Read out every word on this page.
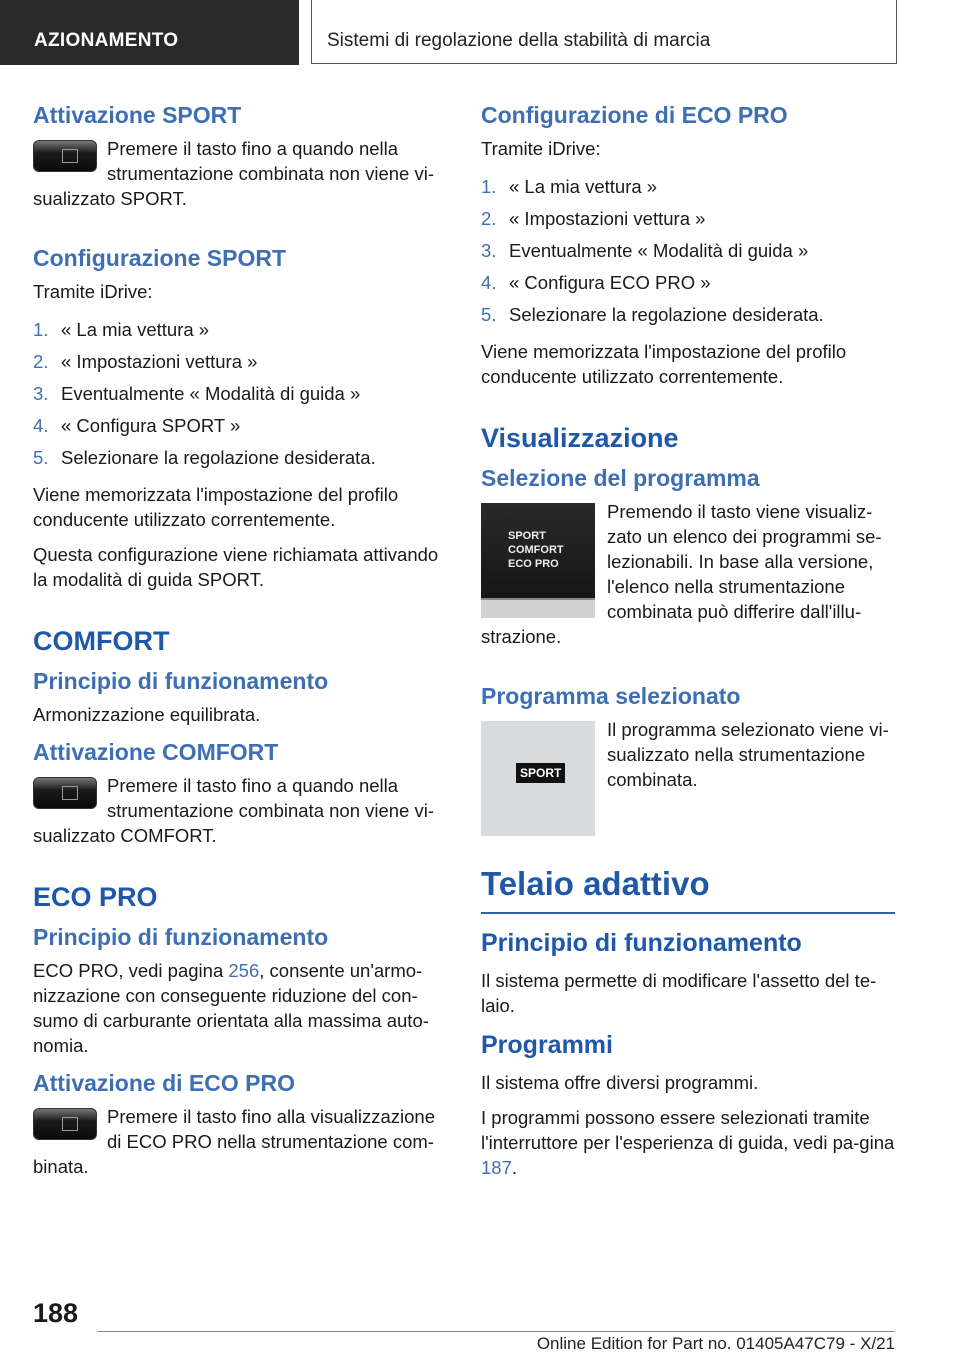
AZIONAMENTO	Sistemi di regolazione della stabilità di marcia
Attivazione SPORT

Premere il tasto fino a quando nella strumentazione combinata non viene vi-sualizzato SPORT.

Configurazione SPORT

Tramite iDrive:

1. « La mia vettura »
2. « Impostazioni vettura »
3. Eventualmente « Modalità di guida »
4. « Configura SPORT »
5. Selezionare la regolazione desiderata.

Viene memorizzata l'impostazione del profilo conducente utilizzato correntemente.

Questa configurazione viene richiamata attivando la modalità di guida SPORT.

COMFORT
Principio di funzionamento

Armonizzazione equilibrata.

Attivazione COMFORT

Premere il tasto fino a quando nella strumentazione combinata non viene vi-sualizzato COMFORT.

ECO PRO
Principio di funzionamento

ECO PRO, vedi pagina 256, consente un'armo-nizzazione con conseguente riduzione del con-sumo di carburante orientata alla massima auto-nomia.

Attivazione di ECO PRO

Premere il tasto fino alla visualizzazione di ECO PRO nella strumentazione com-binata.

Configurazione di ECO PRO

Tramite iDrive:

1. « La mia vettura »
2. « Impostazioni vettura »
3. Eventualmente « Modalità di guida »
4. « Configura ECO PRO »
5. Selezionare la regolazione desiderata.

Viene memorizzata l'impostazione del profilo conducente utilizzato correntemente.

Visualizzazione
Selezione del programma
SPORT
COMFORT
ECO PRO

Premendo il tasto viene visualiz-zato un elenco dei programmi se-lezionabili. In base alla versione, l'elenco nella strumentazione combinata può differire dall'illu-strazione.

Programma selezionato
SPORT

Il programma selezionato viene vi-sualizzato nella strumentazione combinata.

Telaio adattivo
Principio di funzionamento

Il sistema permette di modificare l'assetto del te-laio.

Programmi

Il sistema offre diversi programmi.

I programmi possono essere selezionati tramite l'interruttore per l'esperienza di guida, vedi pa-gina 187.

188
Online Edition for Part no. 01405A47C79 - X/21
